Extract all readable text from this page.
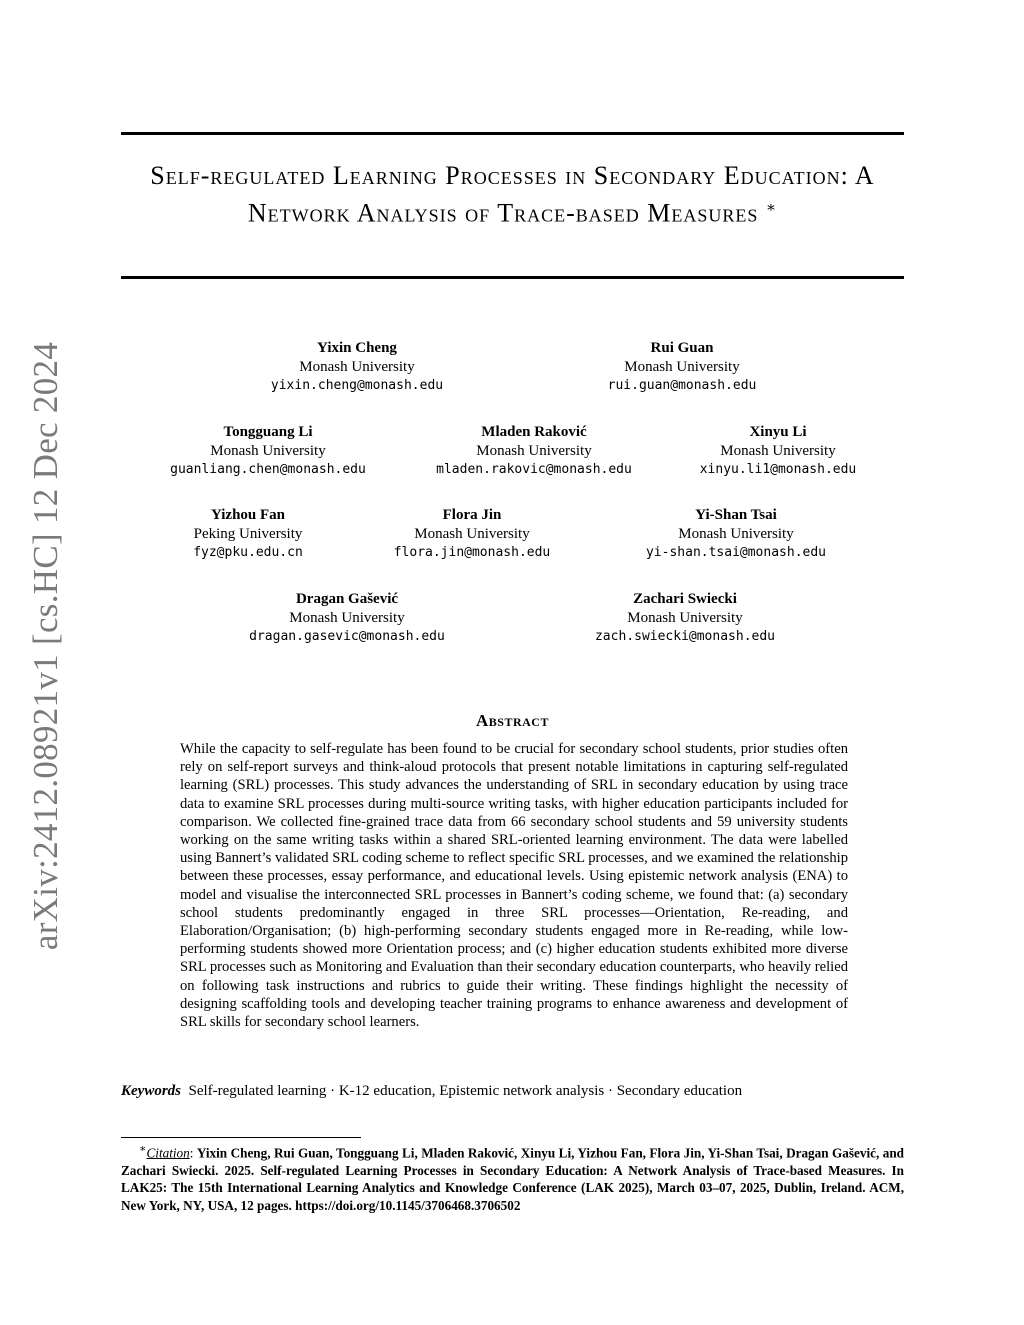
arXiv:2412.08921v1 [cs.HC] 12 Dec 2024
Self-regulated Learning Processes in Secondary Education: A Network Analysis of Trace-based Measures ∗
Yixin Cheng
Monash University
yixin.cheng@monash.edu
Rui Guan
Monash University
rui.guan@monash.edu
Tongguang Li
Monash University
guanliang.chen@monash.edu
Mladen Raković
Monash University
mladen.rakovic@monash.edu
Xinyu Li
Monash University
xinyu.li1@monash.edu
Yizhou Fan
Peking University
fyz@pku.edu.cn
Flora Jin
Monash University
flora.jin@monash.edu
Yi-Shan Tsai
Monash University
yi-shan.tsai@monash.edu
Dragan Gašević
Monash University
dragan.gasevic@monash.edu
Zachari Swiecki
Monash University
zach.swiecki@monash.edu
Abstract

While the capacity to self-regulate has been found to be crucial for secondary school students, prior studies often rely on self-report surveys and think-aloud protocols that present notable limitations in capturing self-regulated learning (SRL) processes. This study advances the understanding of SRL in secondary education by using trace data to examine SRL processes during multi-source writing tasks, with higher education participants included for comparison. We collected fine-grained trace data from 66 secondary school students and 59 university students working on the same writing tasks within a shared SRL-oriented learning environment. The data were labelled using Bannert’s validated SRL coding scheme to reflect specific SRL processes, and we examined the relationship between these processes, essay performance, and educational levels. Using epistemic network analysis (ENA) to model and visualise the interconnected SRL processes in Bannert’s coding scheme, we found that: (a) secondary school students predominantly engaged in three SRL processes—Orientation, Re-reading, and Elaboration/Organisation; (b) high-performing secondary students engaged more in Re-reading, while low-performing students showed more Orientation process; and (c) higher education students exhibited more diverse SRL processes such as Monitoring and Evaluation than their secondary education counterparts, who heavily relied on following task instructions and rubrics to guide their writing. These findings highlight the necessity of designing scaffolding tools and developing teacher training programs to enhance awareness and development of SRL skills for secondary school learners.

Keywords Self-regulated learning · K-12 education, Epistemic network analysis · Secondary education

∗Citation: Yixin Cheng, Rui Guan, Tongguang Li, Mladen Raković, Xinyu Li, Yizhou Fan, Flora Jin, Yi-Shan Tsai, Dragan Gašević, and Zachari Swiecki. 2025. Self-regulated Learning Processes in Secondary Education: A Network Analysis of Trace-based Measures. In LAK25: The 15th International Learning Analytics and Knowledge Conference (LAK 2025), March 03–07, 2025, Dublin, Ireland. ACM, New York, NY, USA, 12 pages. https://doi.org/10.1145/3706468.3706502
